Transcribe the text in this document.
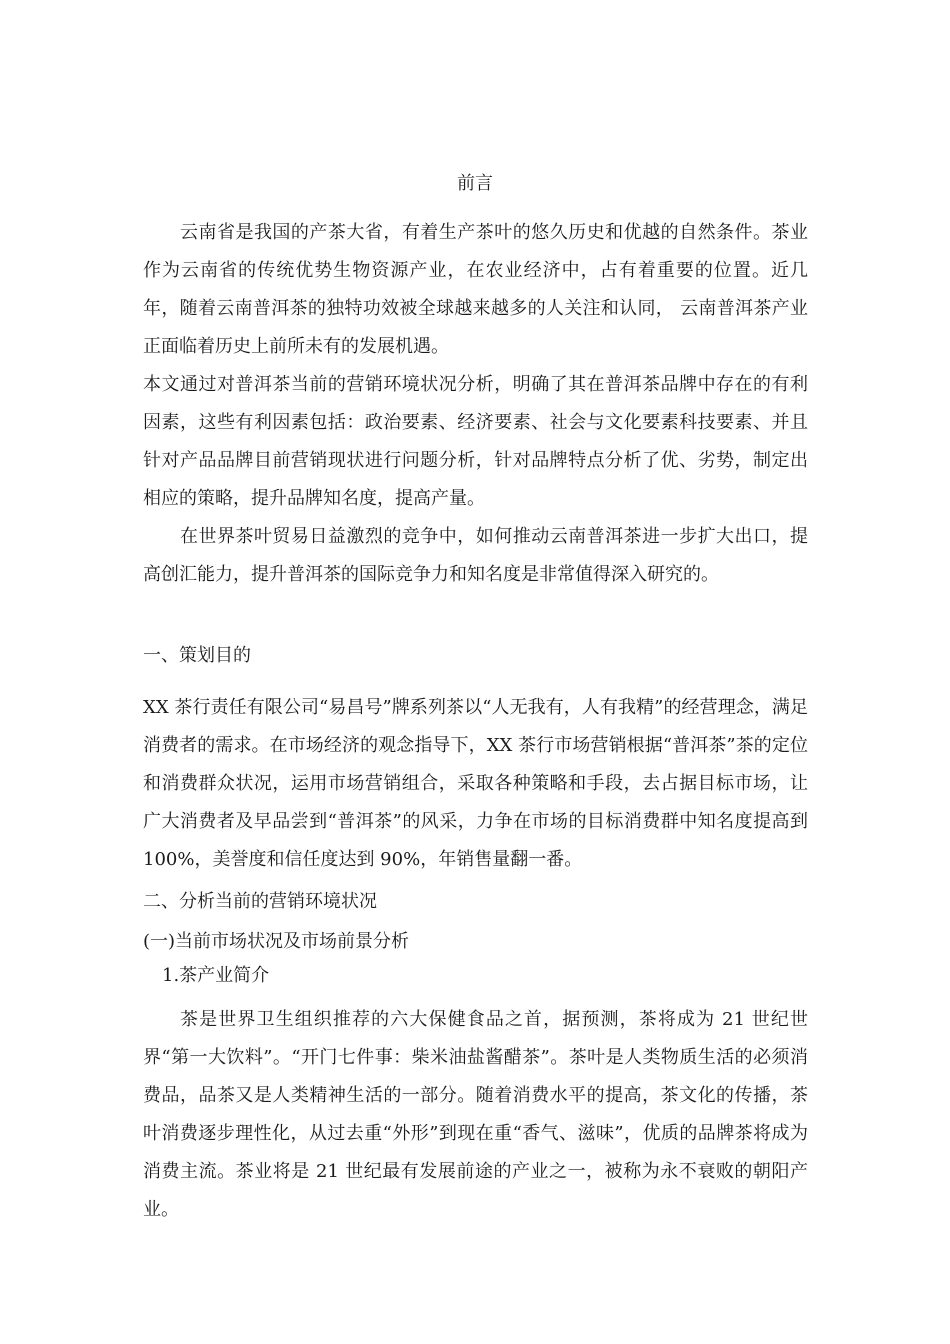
前言

云南省是我国的产茶大省，有着生产茶叶的悠久历史和优越的自然条件。茶业作为云南省的传统优势生物资源产业，在农业经济中，占有着重要的位置。近几年，随着云南普洱茶的独特功效被全球越来越多的人关注和认同， 云南普洱茶产业正面临着历史上前所未有的发展机遇。

本文通过对普洱茶当前的营销环境状况分析，明确了其在普洱茶品牌中存在的有利因素，这些有利因素包括：政治要素、经济要素、社会与文化要素科技要素、并且针对产品品牌目前营销现状进行问题分析，针对品牌特点分析了优、劣势，制定出相应的策略，提升品牌知名度，提高产量。

在世界茶叶贸易日益激烈的竞争中，如何推动云南普洱茶进一步扩大出口，提高创汇能力，提升普洱茶的国际竞争力和知名度是非常值得深入研究的。

一、策划目的

XX 茶行责任有限公司“易昌号”牌系列茶以“人无我有，人有我精”的经营理念，满足消费者的需求。在市场经济的观念指导下，XX 茶行市场营销根据“普洱茶”茶的定位和消费群众状况，运用市场营销组合，采取各种策略和手段，去占据目标市场，让广大消费者及早品尝到“普洱茶”的风采，力争在市场的目标消费群中知名度提高到 100%，美誉度和信任度达到 90%，年销售量翻一番。

二、分析当前的营销环境状况
(一)当前市场状况及市场前景分析
1.茶产业简介

茶是世界卫生组织推荐的六大保健食品之首，据预测，茶将成为 21 世纪世界“第一大饮料”。“开门七件事：柴米油盐酱醋茶”。茶叶是人类物质生活的必须消费品，品茶又是人类精神生活的一部分。随着消费水平的提高，茶文化的传播，茶叶消费逐步理性化，从过去重“外形”到现在重“香气、滋味”，优质的品牌茶将成为消费主流。茶业将是 21 世纪最有发展前途的产业之一，被称为永不衰败的朝阳产业。
